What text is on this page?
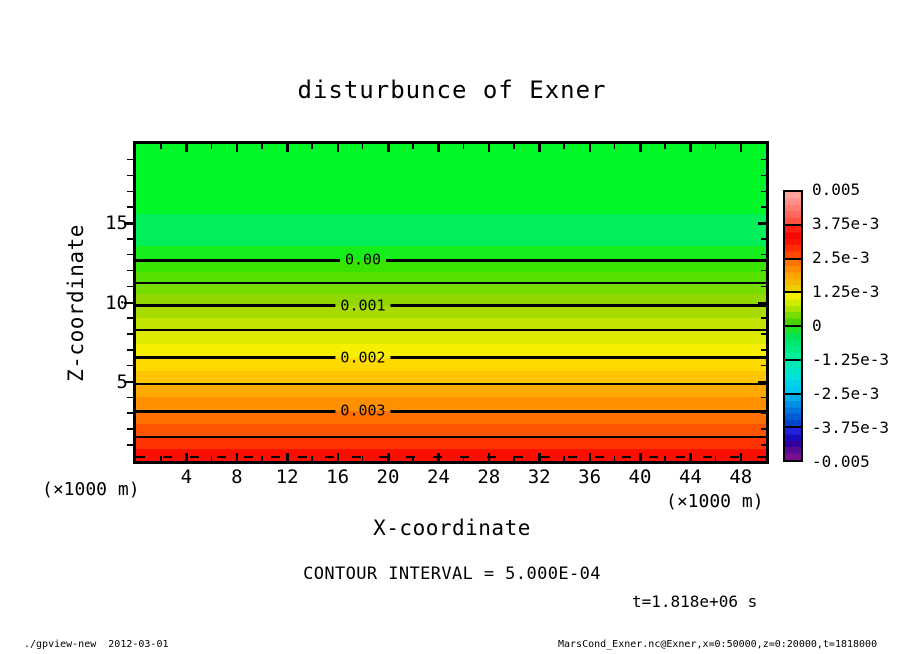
disturbunce of Exner
Z-coordinate	0.00
0.001
0.002
0.003
4	8	12	16	20	24	28	32	36	40	44	48
5
10
15
(×1000 m)
(×1000 m)
X-coordinate
0.005
3.75e-3
2.5e-3
1.25e-3
0
-1.25e-3
-2.5e-3
-3.75e-3
-0.005
CONTOUR INTERVAL = 5.000E-04
t=1.818e+06 s
./gpview-new  2012-03-01	MarsCond_Exner.nc@Exner,x=0:50000,z=0:20000,t=1818000
